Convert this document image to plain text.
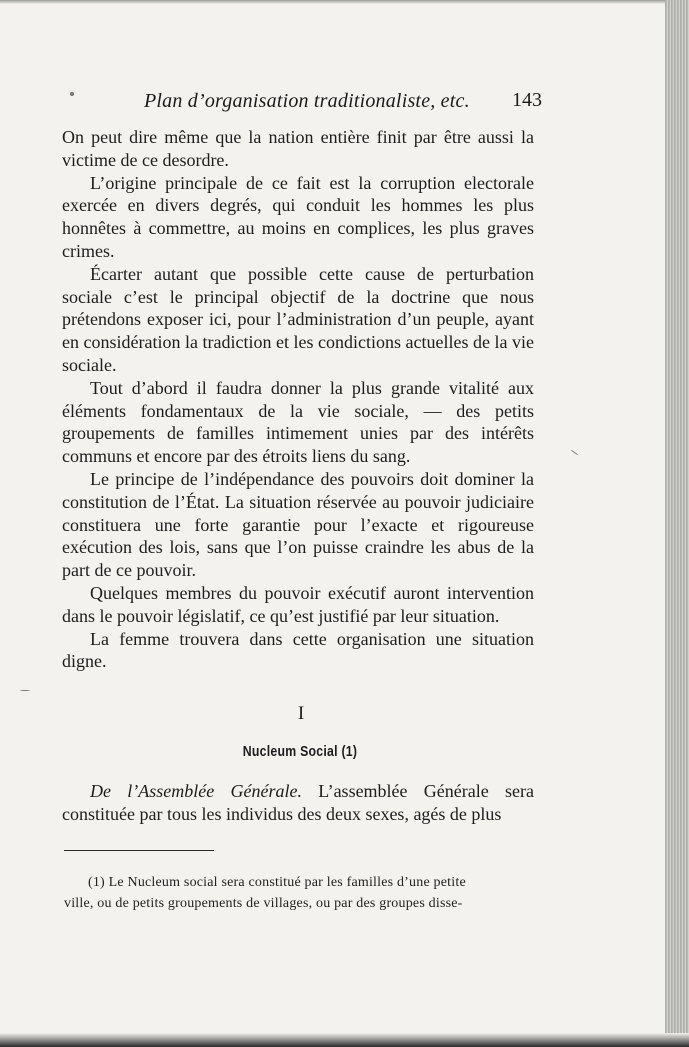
Plan d’organisation traditionaliste, etc. 143

On peut dire même que la nation entière finit par être aussi la victime de ce desordre.

L’origine principale de ce fait est la corruption electorale exercée en divers degrés, qui conduit les hommes les plus honnêtes à commettre, au moins en complices, les plus graves crimes.

Écarter autant que possible cette cause de perturbation sociale c’est le principal objectif de la doctrine que nous prétendons exposer ici, pour l’administration d’un peuple, ayant en considération la tradiction et les condictions actuelles de la vie sociale.

Tout d’abord il faudra donner la plus grande vitalité aux éléments fondamentaux de la vie sociale, — des petits groupements de familles intimement unies par des intérêts communs et encore par des étroits liens du sang.

Le principe de l’indépendance des pouvoirs doit dominer la constitution de l’État. La situation réservée au pouvoir judiciaire constituera une forte garantie pour l’exacte et rigoureuse exécution des lois, sans que l’on puisse craindre les abus de la part de ce pouvoir.

Quelques membres du pouvoir exécutif auront intervention dans le pouvoir législatif, ce qu’est justifié par leur situation.

La femme trouvera dans cette organisation une situation digne.

I
Nucleum Social (1)
De l’Assemblée Générale. L’assemblée Générale sera constituée par tous les individus des deux sexes, agés de plus
(1) Le Nucleum social sera constitué par les familles d’une petite
ville, ou de petits groupements de villages, ou par des groupes disse-
